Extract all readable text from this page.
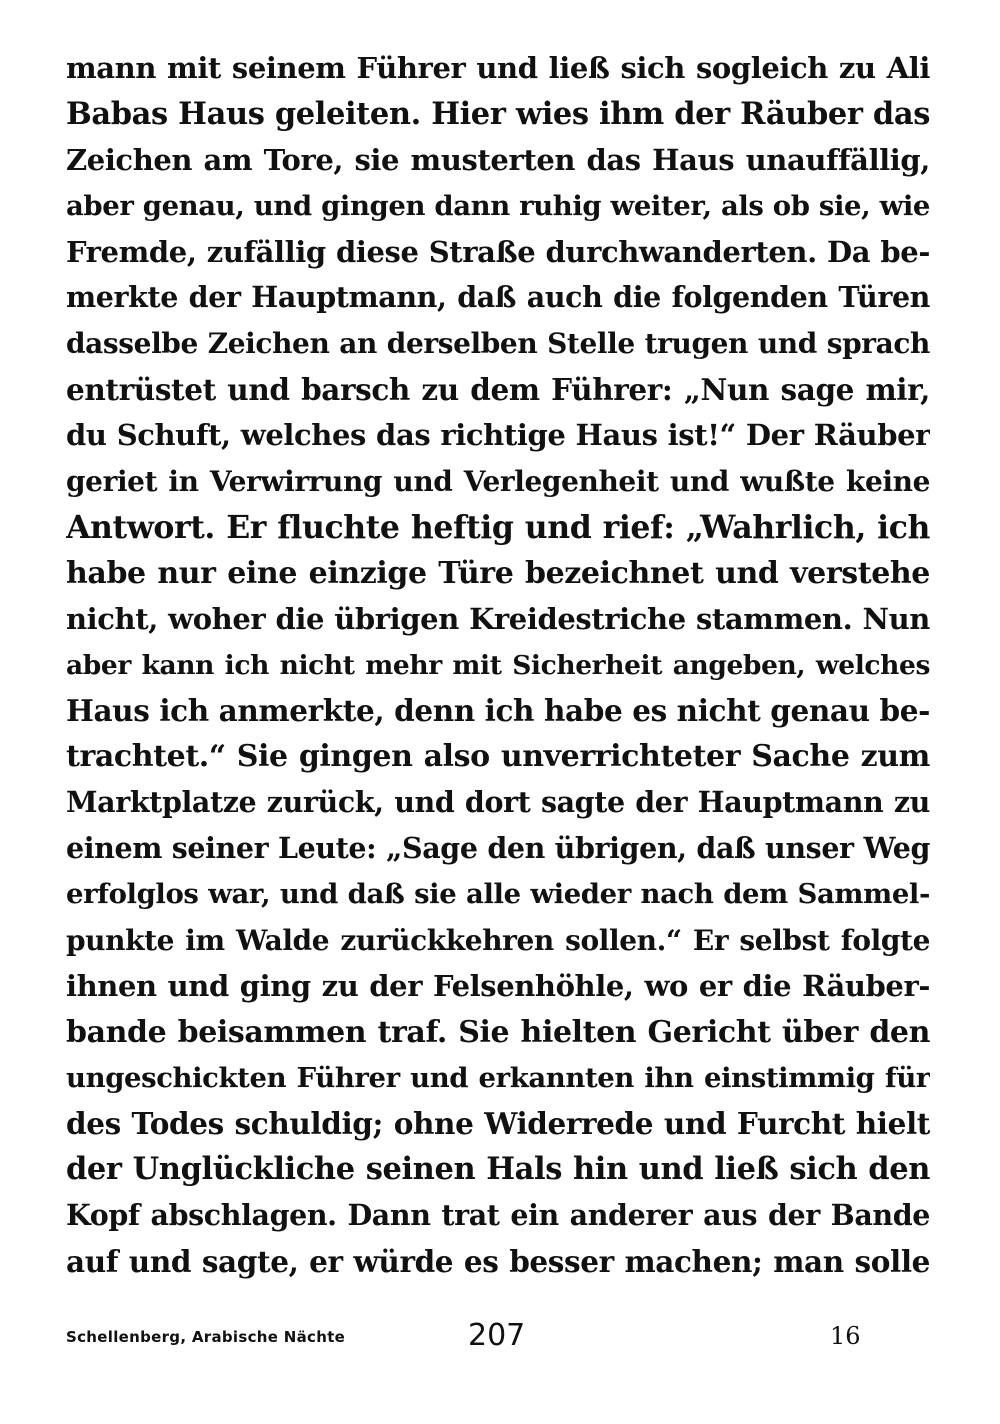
mann mit seinem Führer und ließ sich sogleich zu Ali
Babas Haus geleiten. Hier wies ihm der Räuber das
Zeichen am Tore, sie musterten das Haus unauffällig,
aber genau, und gingen dann ruhig weiter, als ob sie, wie
Fremde, zufällig diese Straße durchwanderten. Da be-
merkte der Hauptmann, daß auch die folgenden Türen
dasselbe Zeichen an derselben Stelle trugen und sprach
entrüstet und barsch zu dem Führer: „Nun sage mir,
du Schuft, welches das richtige Haus ist!“ Der Räuber
geriet in Verwirrung und Verlegenheit und wußte keine
Antwort. Er fluchte heftig und rief: „Wahrlich, ich
habe nur eine einzige Türe bezeichnet und verstehe
nicht, woher die übrigen Kreidestriche stammen. Nun
aber kann ich nicht mehr mit Sicherheit angeben, welches
Haus ich anmerkte, denn ich habe es nicht genau be-
trachtet.“ Sie gingen also unverrichteter Sache zum
Marktplatze zurück, und dort sagte der Hauptmann zu
einem seiner Leute: „Sage den übrigen, daß unser Weg
erfolglos war, und daß sie alle wieder nach dem Sammel-
punkte im Walde zurückkehren sollen.“ Er selbst folgte
ihnen und ging zu der Felsenhöhle, wo er die Räuber-
bande beisammen traf. Sie hielten Gericht über den
ungeschickten Führer und erkannten ihn einstimmig für
des Todes schuldig; ohne Widerrede und Furcht hielt
der Unglückliche seinen Hals hin und ließ sich den
Kopf abschlagen. Dann trat ein anderer aus der Bande
auf und sagte, er würde es besser machen; man solle
Schellenberg, Arabische Nächte	207	16
